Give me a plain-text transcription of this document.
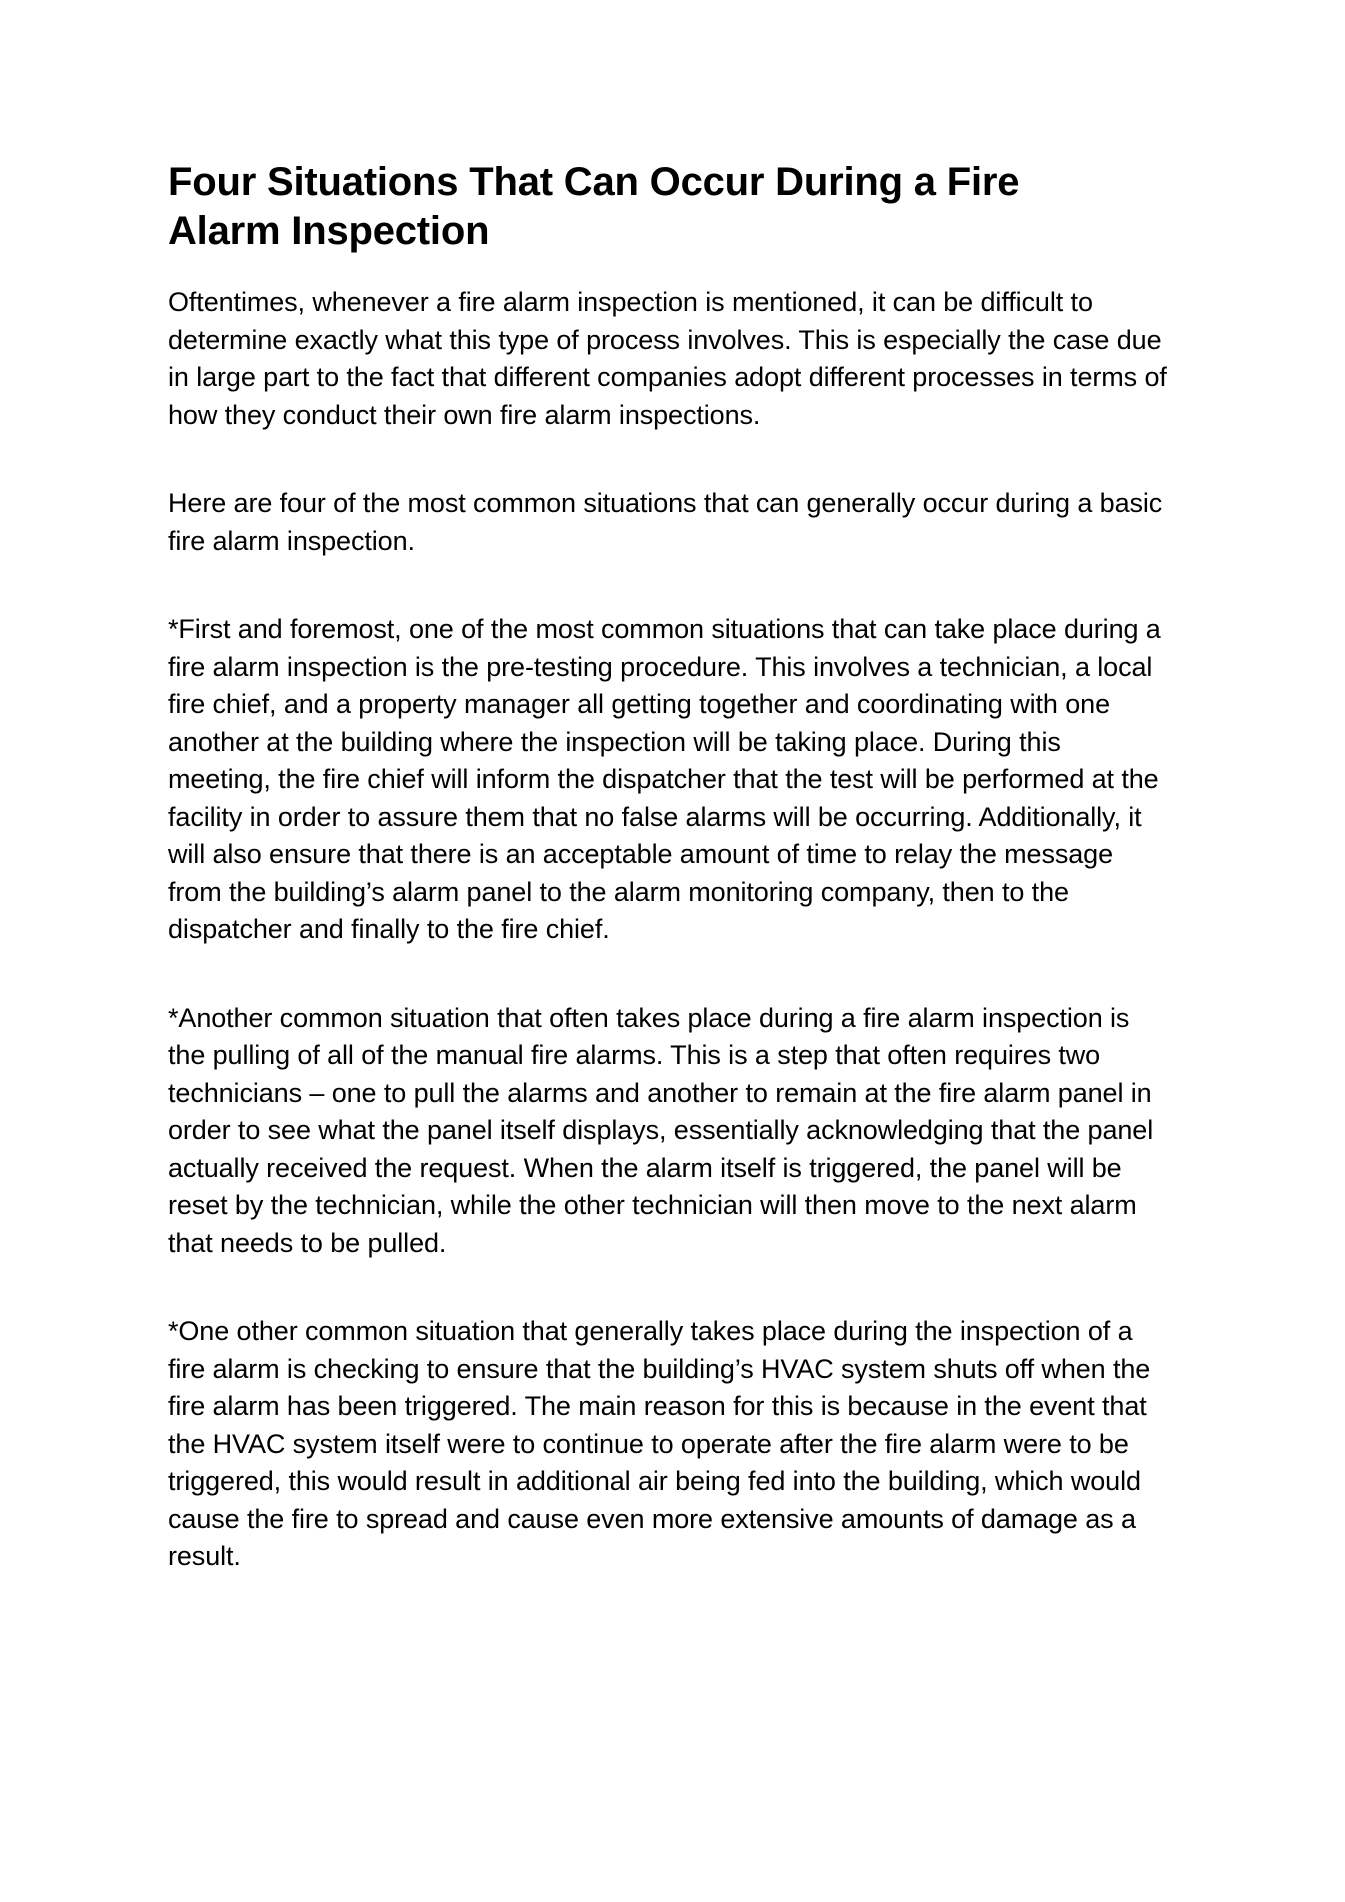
Four Situations That Can Occur During a Fire Alarm Inspection

Oftentimes, whenever a fire alarm inspection is mentioned, it can be difficult to determine exactly what this type of process involves. This is especially the case due in large part to the fact that different companies adopt different processes in terms of how they conduct their own fire alarm inspections.

Here are four of the most common situations that can generally occur during a basic fire alarm inspection.

*First and foremost, one of the most common situations that can take place during a fire alarm inspection is the pre-testing procedure. This involves a technician, a local fire chief, and a property manager all getting together and coordinating with one another at the building where the inspection will be taking place. During this meeting, the fire chief will inform the dispatcher that the test will be performed at the facility in order to assure them that no false alarms will be occurring. Additionally, it will also ensure that there is an acceptable amount of time to relay the message from the building’s alarm panel to the alarm monitoring company, then to the dispatcher and finally to the fire chief.

*Another common situation that often takes place during a fire alarm inspection is the pulling of all of the manual fire alarms. This is a step that often requires two technicians – one to pull the alarms and another to remain at the fire alarm panel in order to see what the panel itself displays, essentially acknowledging that the panel actually received the request. When the alarm itself is triggered, the panel will be reset by the technician, while the other technician will then move to the next alarm that needs to be pulled.

*One other common situation that generally takes place during the inspection of a fire alarm is checking to ensure that the building’s HVAC system shuts off when the fire alarm has been triggered. The main reason for this is because in the event that the HVAC system itself were to continue to operate after the fire alarm were to be triggered, this would result in additional air being fed into the building, which would cause the fire to spread and cause even more extensive amounts of damage as a result.
